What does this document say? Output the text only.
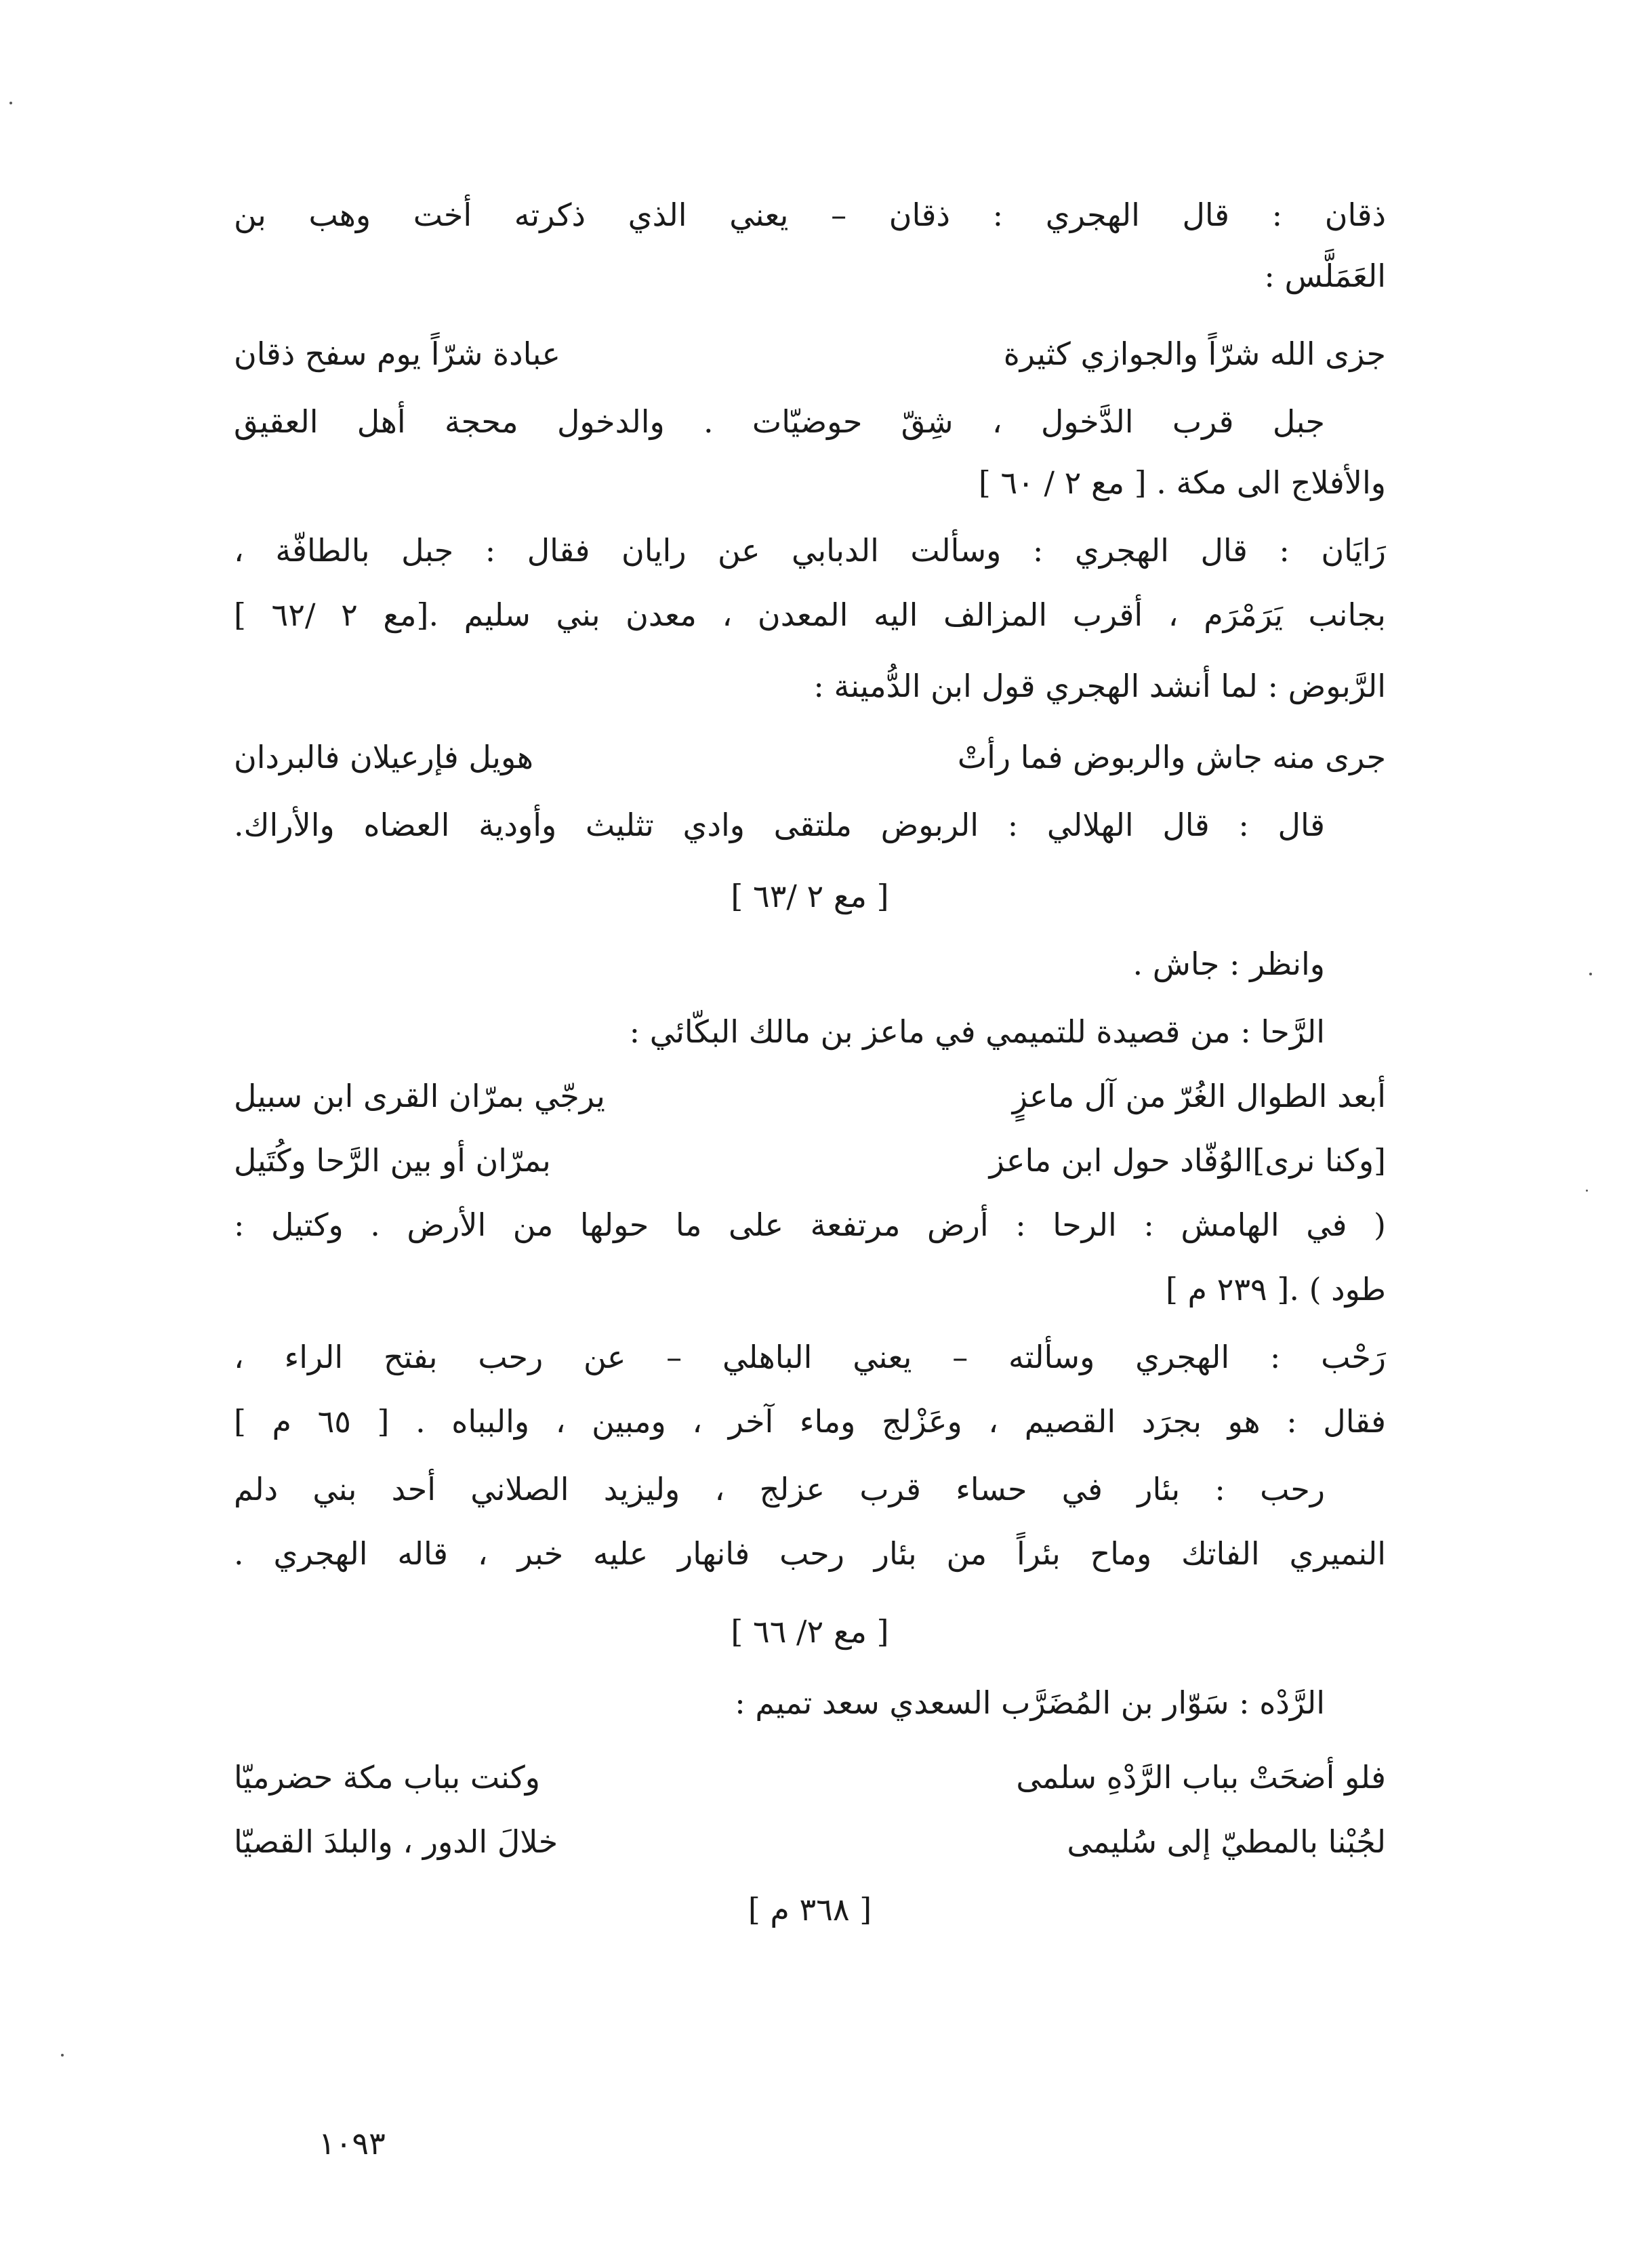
ذقان : قال الهجري : ذقان – يعني الذي ذكرته أخت وهب بن
العَمَلَّس :
جزى الله شرّاً والجوازي كثيرة
عبادة شرّاً يوم سفح ذقان
جبل قرب الدَّخول ، شِقّ حوضيّات . والدخول محجة أهل العقيق
والأفلاج الى مكة . [ مع ٢ / ٦٠ ]
رَايَان : قال الهجري : وسألت الدبابي عن رايان فقال : جبل بالطافّة ،
بجانب يَرَمْرَم ، أقرب المزالف اليه المعدن ، معدن بني سليم .[مع ٢ /٦٢ ]
الرَّبوض : لما أنشد الهجري قول ابن الدُّمينة :
جرى منه جاش والربوض فما رأتْ
هويل فإرعيلان فالبردان
قال : قال الهلالي : الربوض ملتقى وادي تثليث وأودية العضاه والأراك.
[ مع ٢ /٦٣ ]
وانظر : جاش .
الرَّحا : من قصيدة للتميمي في ماعز بن مالك البكّائي :
أبعد الطوال الغُرّ من آل ماعزٍ
يرجّي بمرّان القرى ابن سبيل
[وكنا نرى]الوُفّاد حول ابن ماعز
بمرّان أو بين الرَّحا وكُتَيل
( في الهامش : الرحا : أرض مرتفعة على ما حولها من الأرض . وكتيل :
طود ) .[ ٢٣٩ م ]
رَحْب : الهجري وسألته – يعني الباهلي – عن رحب بفتح الراء ،
فقال : هو بجرَد القصيم ، وعَزْلج وماء آخر ، ومبين ، والبباه . [ ٦٥ م ]
رحب : بئار في حساء قرب عزلج ، وليزيد الصلاني أحد بني دلم
النميري الفاتك وماح بئراً من بئار رحب فانهار عليه خبر ، قاله الهجري .
[ مع ٢/ ٦٦ ]
الرَّدْه : سَوّار بن المُضَرَّب السعدي سعد تميم :
فلو أضحَتْ بباب الرَّدْهِ سلمى
وكنت بباب مكة حضرميّا
لجُبْنا بالمطيّ إلى سُليمى
خلالَ الدور ، والبلدَ القصيّا
[ ٣٦٨ م ]
١٠٩٣
